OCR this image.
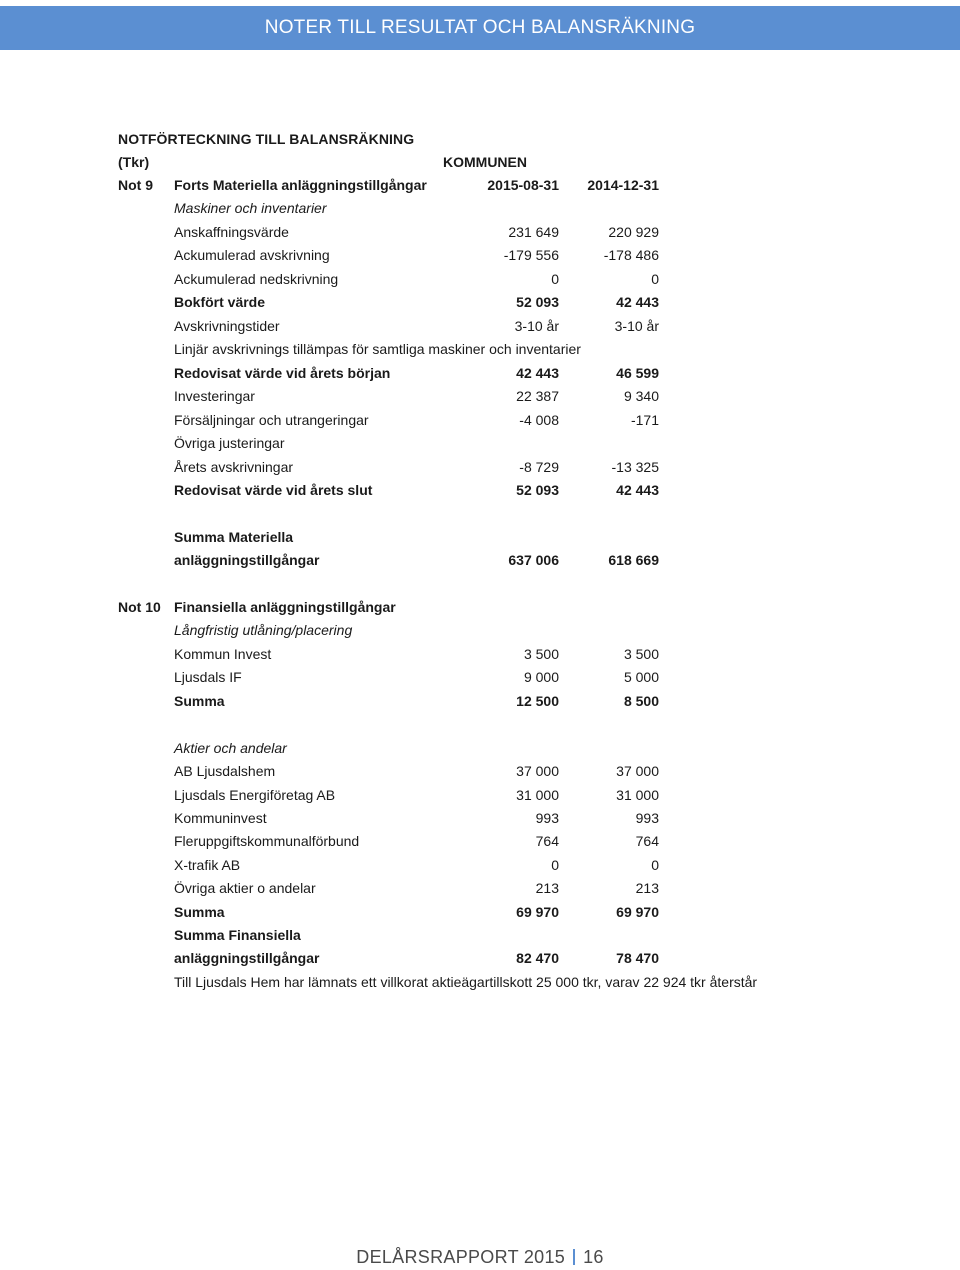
NOTER TILL RESULTAT OCH BALANSRÄKNING
NOTFÖRTECKNING TILL BALANSRÄKNING
(Tkr)	KOMMUNEN
Not 9 Forts Materiella anläggningstillgångar	2015-08-31 2014-12-31
Maskiner och inventarier
Anskaffningsvärde	231 649	220 929
Ackumulerad avskrivning	-179 556	-178 486
Ackumulerad nedskrivning	0	0
Bokfört värde	52 093	42 443
Avskrivningstider	3-10 år	3-10 år
Linjär avskrivnings tillämpas för samtliga maskiner och inventarier
Redovisat värde vid årets början	42 443	46 599
Investeringar	22 387	9 340
Försäljningar och utrangeringar	-4 008	-171
Övriga justeringar
Årets avskrivningar	-8 729	-13 325
Redovisat värde vid årets slut	52 093	42 443
Summa Materiella
anläggningstillgångar	637 006	618 669
Not 10 Finansiella anläggningstillgångar
Långfristig utlåning/placering
Kommun Invest	3 500	3 500
Ljusdals IF	9 000	5 000
Summa	12 500	8 500
Aktier och andelar
AB Ljusdalshem	37 000	37 000
Ljusdals Energiföretag AB	31 000	31 000
Kommuninvest	993	993
Fleruppgiftskommunalförbund	764	764
X-trafik AB	0	0
Övriga aktier o andelar	213	213
Summa	69 970	69 970
Summa Finansiella
anläggningstillgångar	82 470	78 470
Till Ljusdals Hem har lämnats ett villkorat aktieägartillskott 25 000 tkr, varav 22 924 tkr återstår
DELÅRSRAPPORT 2015 16
